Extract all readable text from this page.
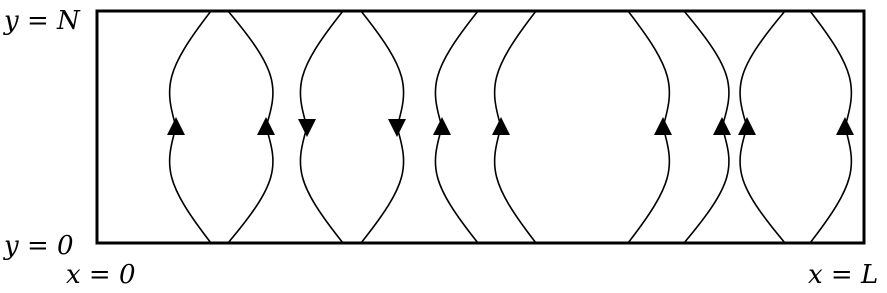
y = N
y = 0
x = 0	x = L
